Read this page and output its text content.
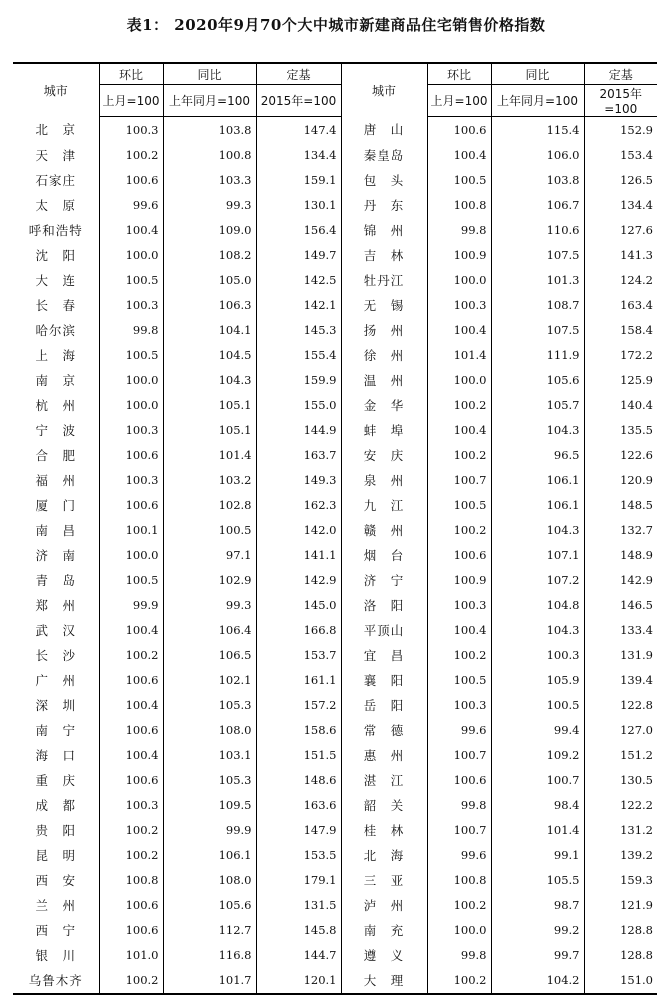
表1： 2020年9月70个大中城市新建商品住宅销售价格指数
城市	环比	同比	定基	城市	环比	同比	定基
	上月=100	上年同月=100	2015年=100		上月=100	上年同月=100	2015年=100
北　京	100.3	103.8	147.4	唐　山	100.6	115.4	152.9
天　津	100.2	100.8	134.4	秦皇岛	100.4	106.0	153.4
石家庄	100.6	103.3	159.1	包　头	100.5	103.8	126.5
太　原	99.6	99.3	130.1	丹　东	100.8	106.7	134.4
呼和浩特	100.4	109.0	156.4	锦　州	99.8	110.6	127.6
沈　阳	100.0	108.2	149.7	吉　林	100.9	107.5	141.3
大　连	100.5	105.0	142.5	牡丹江	100.0	101.3	124.2
长　春	100.3	106.3	142.1	无　锡	100.3	108.7	163.4
哈尔滨	99.8	104.1	145.3	扬　州	100.4	107.5	158.4
上　海	100.5	104.5	155.4	徐　州	101.4	111.9	172.2
南　京	100.0	104.3	159.9	温　州	100.0	105.6	125.9
杭　州	100.0	105.1	155.0	金　华	100.2	105.7	140.4
宁　波	100.3	105.1	144.9	蚌　埠	100.4	104.3	135.5
合　肥	100.6	101.4	163.7	安　庆	100.2	96.5	122.6
福　州	100.3	103.2	149.3	泉　州	100.7	106.1	120.9
厦　门	100.6	102.8	162.3	九　江	100.5	106.1	148.5
南　昌	100.1	100.5	142.0	赣　州	100.2	104.3	132.7
济　南	100.0	97.1	141.1	烟　台	100.6	107.1	148.9
青　岛	100.5	102.9	142.9	济　宁	100.9	107.2	142.9
郑　州	99.9	99.3	145.0	洛　阳	100.3	104.8	146.5
武　汉	100.4	106.4	166.8	平顶山	100.4	104.3	133.4
长　沙	100.2	106.5	153.7	宜　昌	100.2	100.3	131.9
广　州	100.6	102.1	161.1	襄　阳	100.5	105.9	139.4
深　圳	100.4	105.3	157.2	岳　阳	100.3	100.5	122.8
南　宁	100.6	108.0	158.6	常　德	99.6	99.4	127.0
海　口	100.4	103.1	151.5	惠　州	100.7	109.2	151.2
重　庆	100.6	105.3	148.6	湛　江	100.6	100.7	130.5
成　都	100.3	109.5	163.6	韶　关	99.8	98.4	122.2
贵　阳	100.2	99.9	147.9	桂　林	100.7	101.4	131.2
昆　明	100.2	106.1	153.5	北　海	99.6	99.1	139.2
西　安	100.8	108.0	179.1	三　亚	100.8	105.5	159.3
兰　州	100.6	105.6	131.5	泸　州	100.2	98.7	121.9
西　宁	100.6	112.7	145.8	南　充	100.0	99.2	128.8
银　川	101.0	116.8	144.7	遵　义	99.8	99.7	128.8
乌鲁木齐	100.2	101.7	120.1	大　理	100.2	104.2	151.0
